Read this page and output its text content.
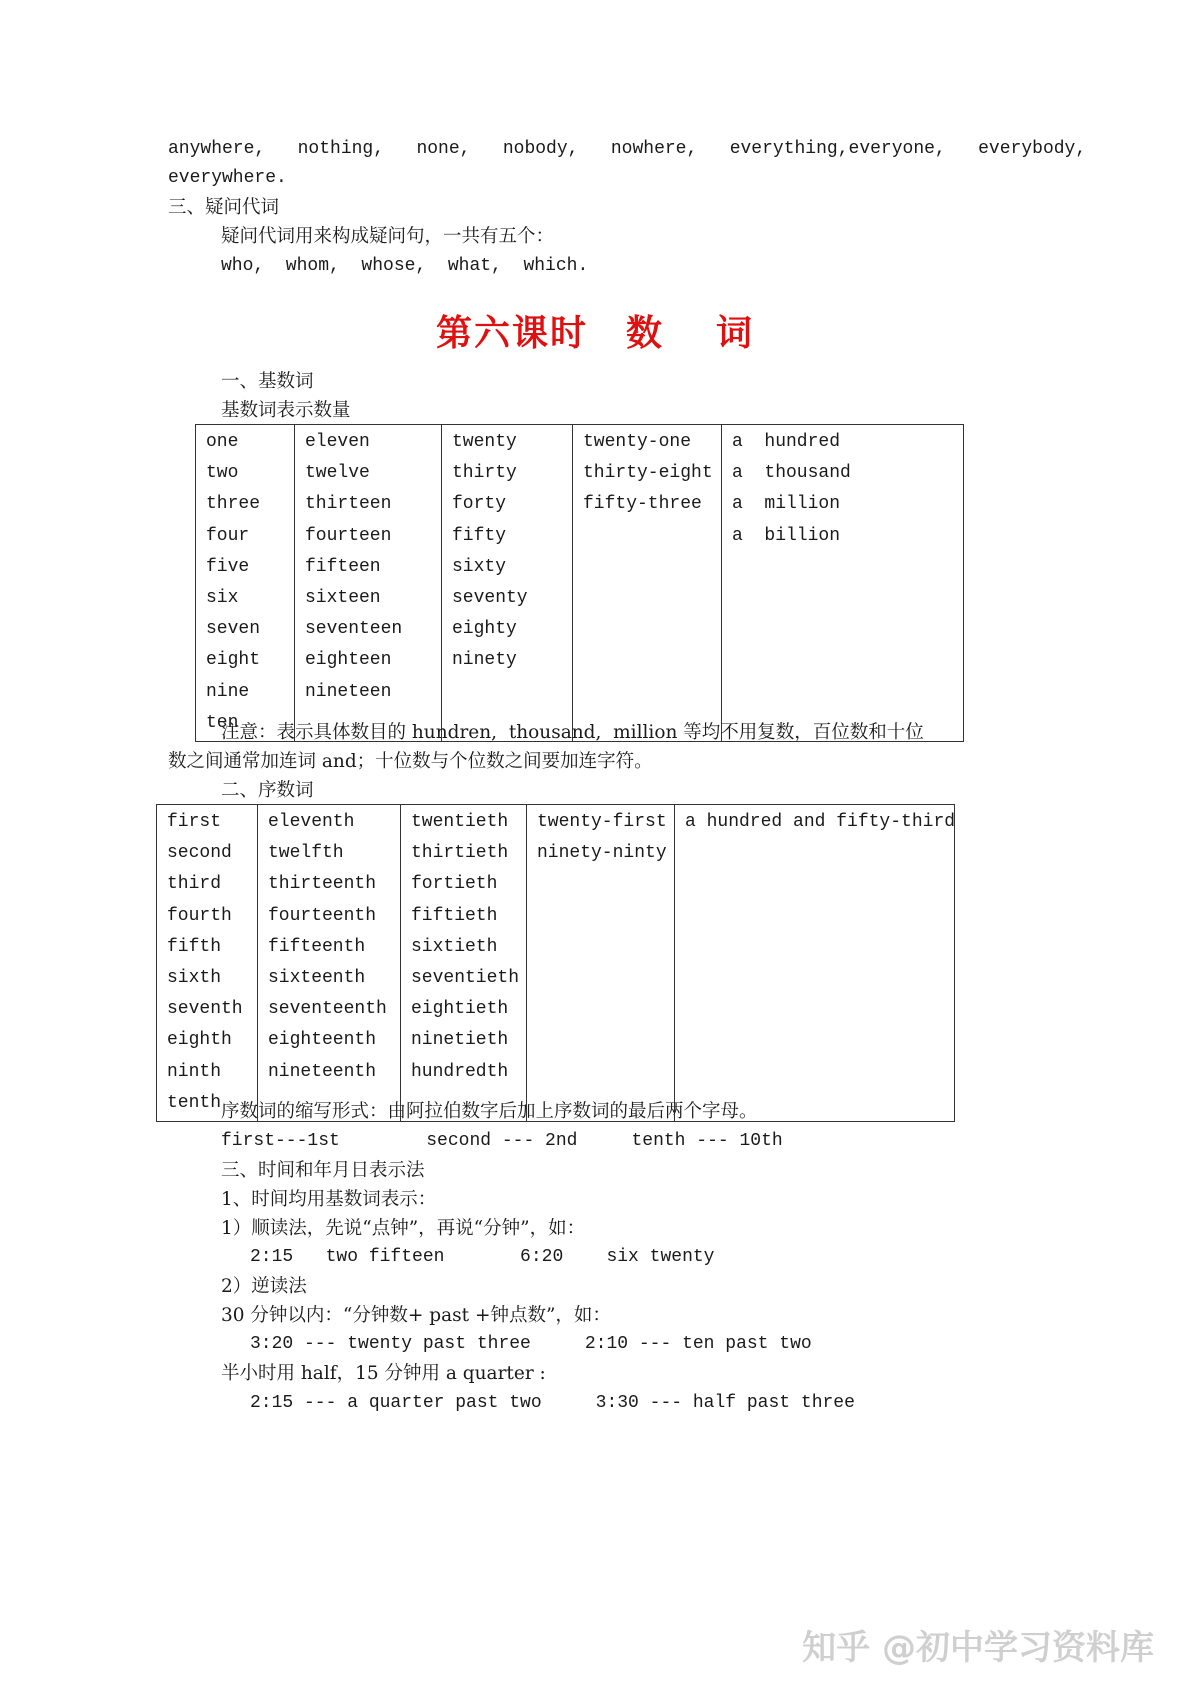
anywhere,   nothing,   none,   nobody,   nowhere,   everything,everyone,   everybody,
everywhere.
三、疑问代词
疑问代词用来构成疑问句，一共有五个：
who,  whom,  whose,  what,  which.
第六课时 数 词
一、基数词
基数词表示数量
one
two
three
four
five
six
seven
eight
nine
ten

eleven
twelve
thirteen
fourteen
fifteen
sixteen
seventeen
eighteen
nineteen

twenty
thirty
forty
fifty
sixty
seventy
eighty
ninety

twenty-one
thirty-eight
fifty-three

a  hundred
a  thousand
a  million
a  billion
注意：表示具体数目的 hundren,  thousand,  million 等均不用复数，百位数和十位
数之间通常加连词 and；十位数与个位数之间要加连字符。
二、序数词
first
second
third
fourth
fifth
sixth
seventh
eighth
ninth
tenth

eleventh
twelfth
thirteenth
fourteenth
fifteenth
sixteenth
seventeenth
eighteenth
nineteenth

twentieth
thirtieth
fortieth
fiftieth
sixtieth
seventieth
eightieth
ninetieth
hundredth

twenty-first
ninety-ninty

a hundred and fifty-third
序数词的缩写形式：由阿拉伯数字后加上序数词的最后两个字母。
first---1st        second --- 2nd     tenth --- 10th
三、时间和年月日表示法
1、时间均用基数词表示：
1）顺读法，先说“点钟”，再说“分钟”，如：
2:15   two fifteen       6:20    six twenty
2）逆读法
30 分钟以内：“分钟数+ past +钟点数”，如：
3:20 --- twenty past three     2:10 --- ten past two
半小时用 half，15 分钟用 a quarter :
2:15 --- a quarter past two     3:30 --- half past three
知乎 @初中学习资料库
